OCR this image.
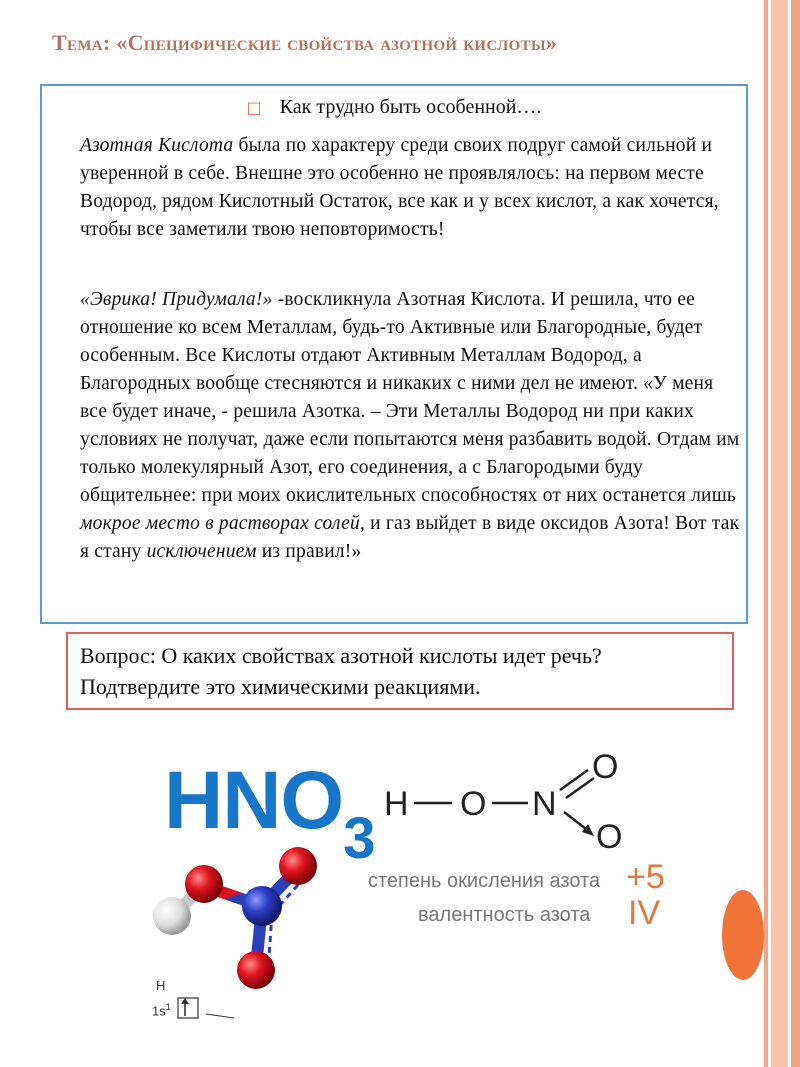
Тема: «Специфические свойства азотной кислоты»
□ Как трудно быть особенной….
Азотная Кислота была по характеру среди своих подруг самой сильной и уверенной в себе. Внешне это особенно не проявлялось: на первом месте Водород, рядом Кислотный Остаток, все как и у всех кислот, а как хочется, чтобы все заметили твою неповторимость!
«Эврика! Придумала!» -воскликнула Азотная Кислота. И решила, что ее отношение ко всем Металлам, будь-то Активные или Благородные, будет особенным. Все Кислоты отдают Активным Металлам Водород, а Благородных вообще стесняются и никаких с ними дел не имеют. «У меня все будет иначе, - решила Азотка. – Эти Металлы Водород ни при каких условиях не получат, даже если попытаются меня разбавить водой. Отдам им только молекулярный Азот, его соединения, а с Благородыми буду общительнее: при моих окислительных способностях от них останется лишь мокрое место в растворах солей, и газ выйдет в виде оксидов Азота! Вот так я стану исключением из правил!»
Вопрос: О каких свойствах азотной кислоты идет речь? Подтвердите это химическими реакциями.
$HNO_3$
H O N
O
O
степень окисления азота +5
валентность азота IV
H
$1s^1$
